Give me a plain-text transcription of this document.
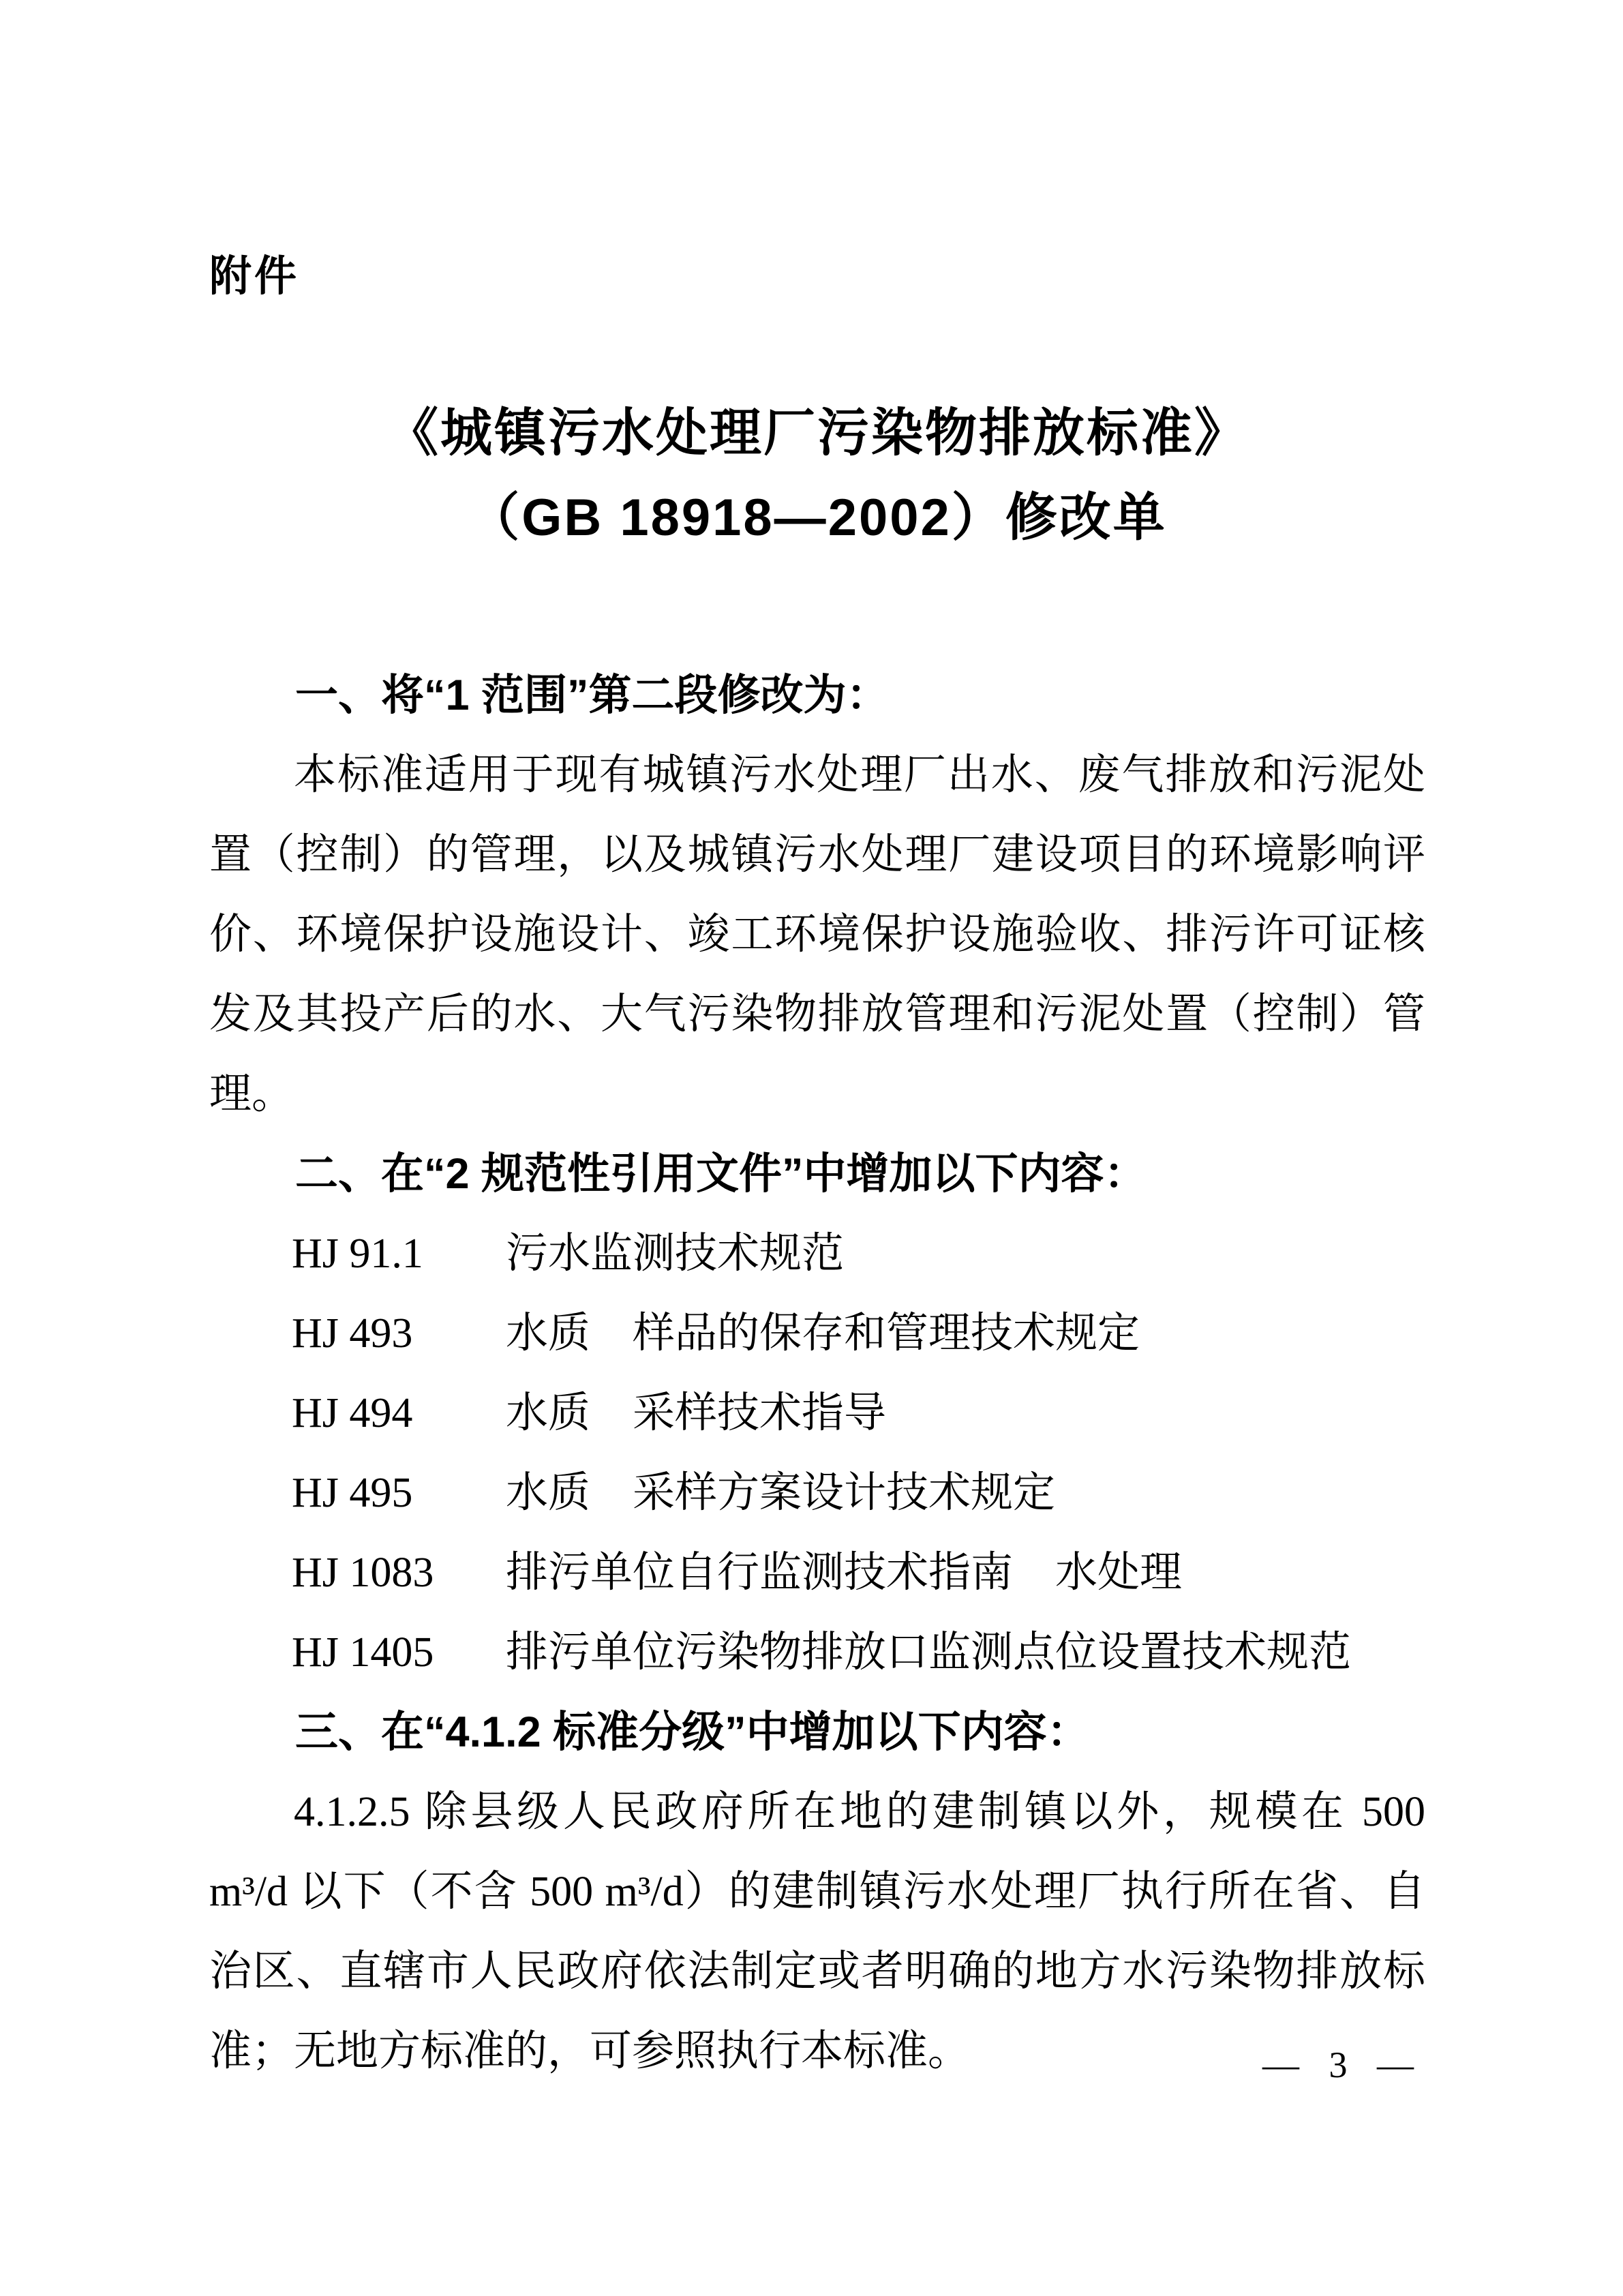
附件
《城镇污水处理厂污染物排放标准》
（GB 18918—2002）修改单
一、将“1 范围”第二段修改为：

本标准适用于现有城镇污水处理厂出水、废气排放和污泥处置（控制）的管理，以及城镇污水处理厂建设项目的环境影响评价、环境保护设施设计、竣工环境保护设施验收、排污许可证核发及其投产后的水、大气污染物排放管理和污泥处置（控制）管理。

二、在“2 规范性引用文件”中增加以下内容：
HJ 91.1 污水监测技术规范
HJ 493 水质　样品的保存和管理技术规定
HJ 494 水质　采样技术指导
HJ 495 水质　采样方案设计技术规定
HJ 1083 排污单位自行监测技术指南　水处理
HJ 1405 排污单位污染物排放口监测点位设置技术规范
三、在“4.1.2 标准分级”中增加以下内容：

4.1.2.5 除县级人民政府所在地的建制镇以外，规模在 500 m³/d 以下（不含 500 m³/d）的建制镇污水处理厂执行所在省、自治区、直辖市人民政府依法制定或者明确的地方水污染物排放标准；无地方标准的，可参照执行本标准。	— 3 —
